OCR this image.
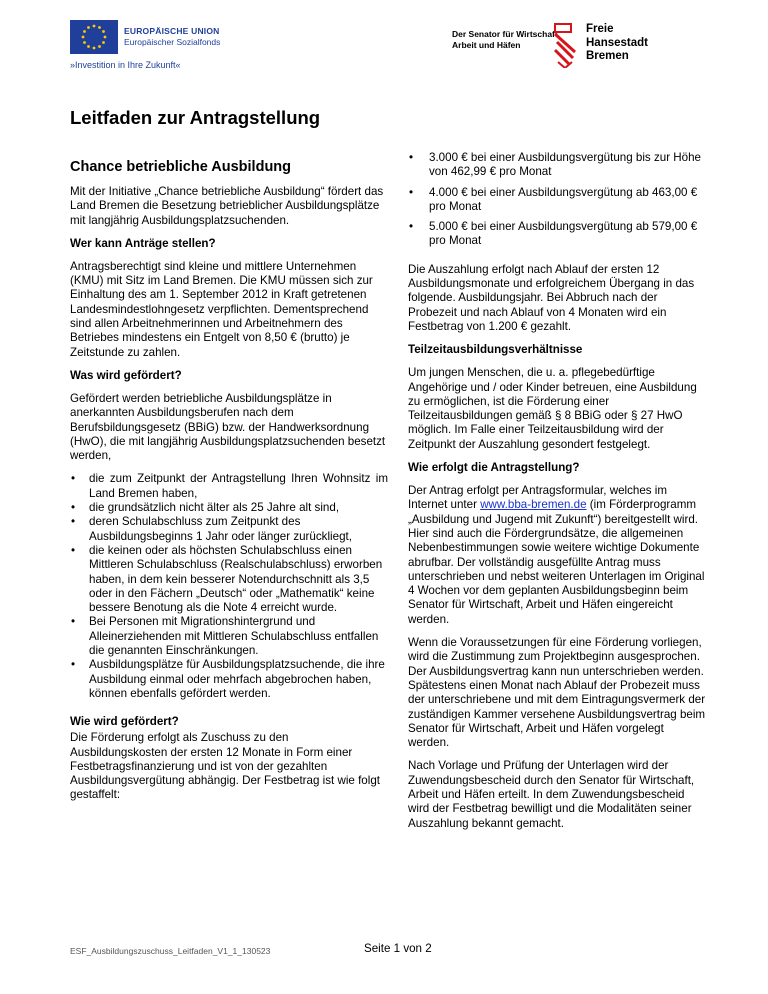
EUROPÄISCHE UNION
Europäischer Sozialfonds
»Investition in Ihre Zukunft«
Der Senator für Wirtschaft,
Arbeit und Häfen
Freie
Hansestadt
Bremen
Leitfaden zur Antragstellung
Chance betriebliche Ausbildung

Mit der Initiative „Chance betriebliche Ausbildung“ fördert das Land Bremen die Besetzung betrieblicher Ausbildungsplätze mit langjährig Ausbildungsplatzsuchenden.

Wer kann Anträge stellen?

Antragsberechtigt sind kleine und mittlere Unternehmen (KMU) mit Sitz im Land Bremen. Die KMU müssen sich zur Einhaltung des am 1. September 2012 in Kraft getretenen Landesmindestlohngesetz verpflichten. Dementsprechend sind allen Arbeitnehmerinnen und Arbeitnehmern des Betriebes mindestens ein Entgelt von 8,50 € (brutto) je Zeitstunde zu zahlen.

Was wird gefördert?

Gefördert werden betriebliche Ausbildungsplätze in anerkannten Ausbildungsberufen nach dem Berufsbildungsgesetz (BBiG) bzw. der Handwerksordnung (HwO), die mit langjährig Ausbildungsplatzsuchenden besetzt werden,

• die zum Zeitpunkt der Antragstellung Ihren Wohnsitz im Land Bremen haben,
• die grundsätzlich nicht älter als 25 Jahre alt sind,
• deren Schulabschluss zum Zeitpunkt des Ausbildungsbeginns 1 Jahr oder länger zurückliegt,
• die keinen oder als höchsten Schulabschluss einen Mittleren Schulabschluss (Realschulabschluss) erworben haben, in dem kein besserer Notendurchschnitt als 3,5 oder in den Fächern „Deutsch“ oder „Mathematik“ keine bessere Benotung als die Note 4 erreicht wurde.
• Bei Personen mit Migrationshintergrund und Alleinerziehenden mit Mittleren Schulabschluss entfallen die genannten Einschränkungen.
• Ausbildungsplätze für Ausbildungsplatzsuchende, die ihre Ausbildung einmal oder mehrfach abgebrochen haben, können ebenfalls gefördert werden.
Wie wird gefördert?

Die Förderung erfolgt als Zuschuss zu den Ausbildungskosten der ersten 12 Monate in Form einer Festbetragsfinanzierung und ist von der gezahlten Ausbildungsvergütung abhängig. Der Festbetrag ist wie folgt gestaffelt:

• 3.000 € bei einer Ausbildungsvergütung bis zur Höhe von 462,99 € pro Monat
• 4.000 € bei einer Ausbildungsvergütung ab 463,00 € pro Monat
• 5.000 € bei einer Ausbildungsvergütung ab 579,00 € pro Monat

Die Auszahlung erfolgt nach Ablauf der ersten 12 Ausbildungsmonate und erfolgreichem Übergang in das folgende. Ausbildungsjahr. Bei Abbruch nach der Probezeit und nach Ablauf von 4 Monaten wird ein Festbetrag von 1.200 € gezahlt.

Teilzeitausbildungsverhältnisse

Um jungen Menschen, die u. a. pflegebedürftige Angehörige und / oder Kinder betreuen, eine Ausbildung zu ermöglichen, ist die Förderung einer Teilzeitausbildungen gemäß § 8 BBiG oder § 27 HwO möglich. Im Falle einer Teilzeitausbildung wird der Zeitpunkt der Auszahlung gesondert festgelegt.

Wie erfolgt die Antragstellung?

Der Antrag erfolgt per Antragsformular, welches im Internet unter www.bba-bremen.de (im Förderprogramm „Ausbildung und Jugend mit Zukunft“) bereitgestellt wird. Hier sind auch die Fördergrundsätze, die allgemeinen Nebenbestimmungen sowie weitere wichtige Dokumente abrufbar. Der vollständig ausgefüllte Antrag muss unterschrieben und nebst weiteren Unterlagen im Original 4 Wochen vor dem geplanten Ausbildungsbeginn beim Senator für Wirtschaft, Arbeit und Häfen eingereicht werden.

Wenn die Voraussetzungen für eine Förderung vorliegen, wird die Zustimmung zum Projektbeginn ausgesprochen. Der Ausbildungsvertrag kann nun unterschrieben werden. Spätestens einen Monat nach Ablauf der Probezeit muss der unterschriebene und mit dem Eintragungsvermerk der zuständigen Kammer versehene Ausbildungsvertrag beim Senator für Wirtschaft, Arbeit und Häfen vorgelegt werden.

Nach Vorlage und Prüfung der Unterlagen wird der Zuwendungsbescheid durch den Senator für Wirtschaft, Arbeit und Häfen erteilt. In dem Zuwendungsbescheid wird der Festbetrag bewilligt und die Modalitäten seiner Auszahlung bekannt gemacht.

ESF_Ausbildungszuschuss_Leitfaden_V1_1_130523	Seite 1 von 2
